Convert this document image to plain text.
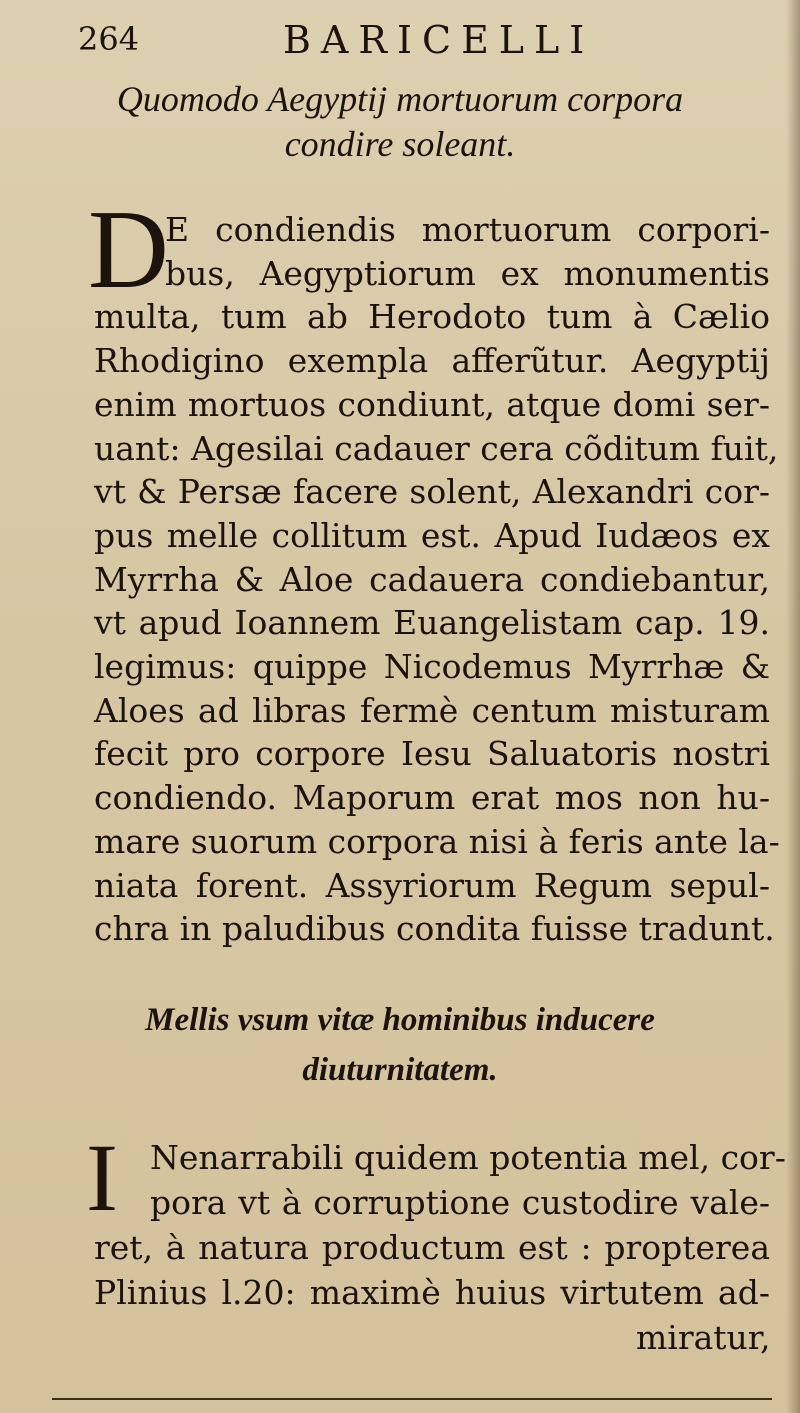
264	BARICELLI
Quomodo Aegyptij mortuorum corpora
condire soleant.
D
E condiendis mortuorum corpori-
bus, Aegyptiorum ex monumentis
multa, tum ab Herodoto tum à Cælio
Rhodigino exempla afferũtur. Aegyptij
enim mortuos condiunt, atque domi ser-
uant: Agesilai cadauer cera cõditum fuit,
vt & Persæ facere solent, Alexandri cor-
pus melle collitum est. Apud Iudæos ex
Myrrha & Aloe cadauera condiebantur,
vt apud Ioannem Euangelistam cap. 19.
legimus: quippe Nicodemus Myrrhæ &
Aloes ad libras fermè centum misturam
fecit pro corpore Iesu Saluatoris nostri
condiendo. Maporum erat mos non hu-
mare suorum corpora nisi à feris ante la-
niata forent. Assyriorum Regum sepul-
chra in paludibus condita fuisse tradunt.
Mellis vsum vitæ hominibus inducere
diuturnitatem.
I Nenarrabili quidem potentia mel, cor-
pora vt à corruptione custodire vale-
ret, à natura productum est : propterea
Plinius l.20: maximè huius virtutem ad-
miratur,
